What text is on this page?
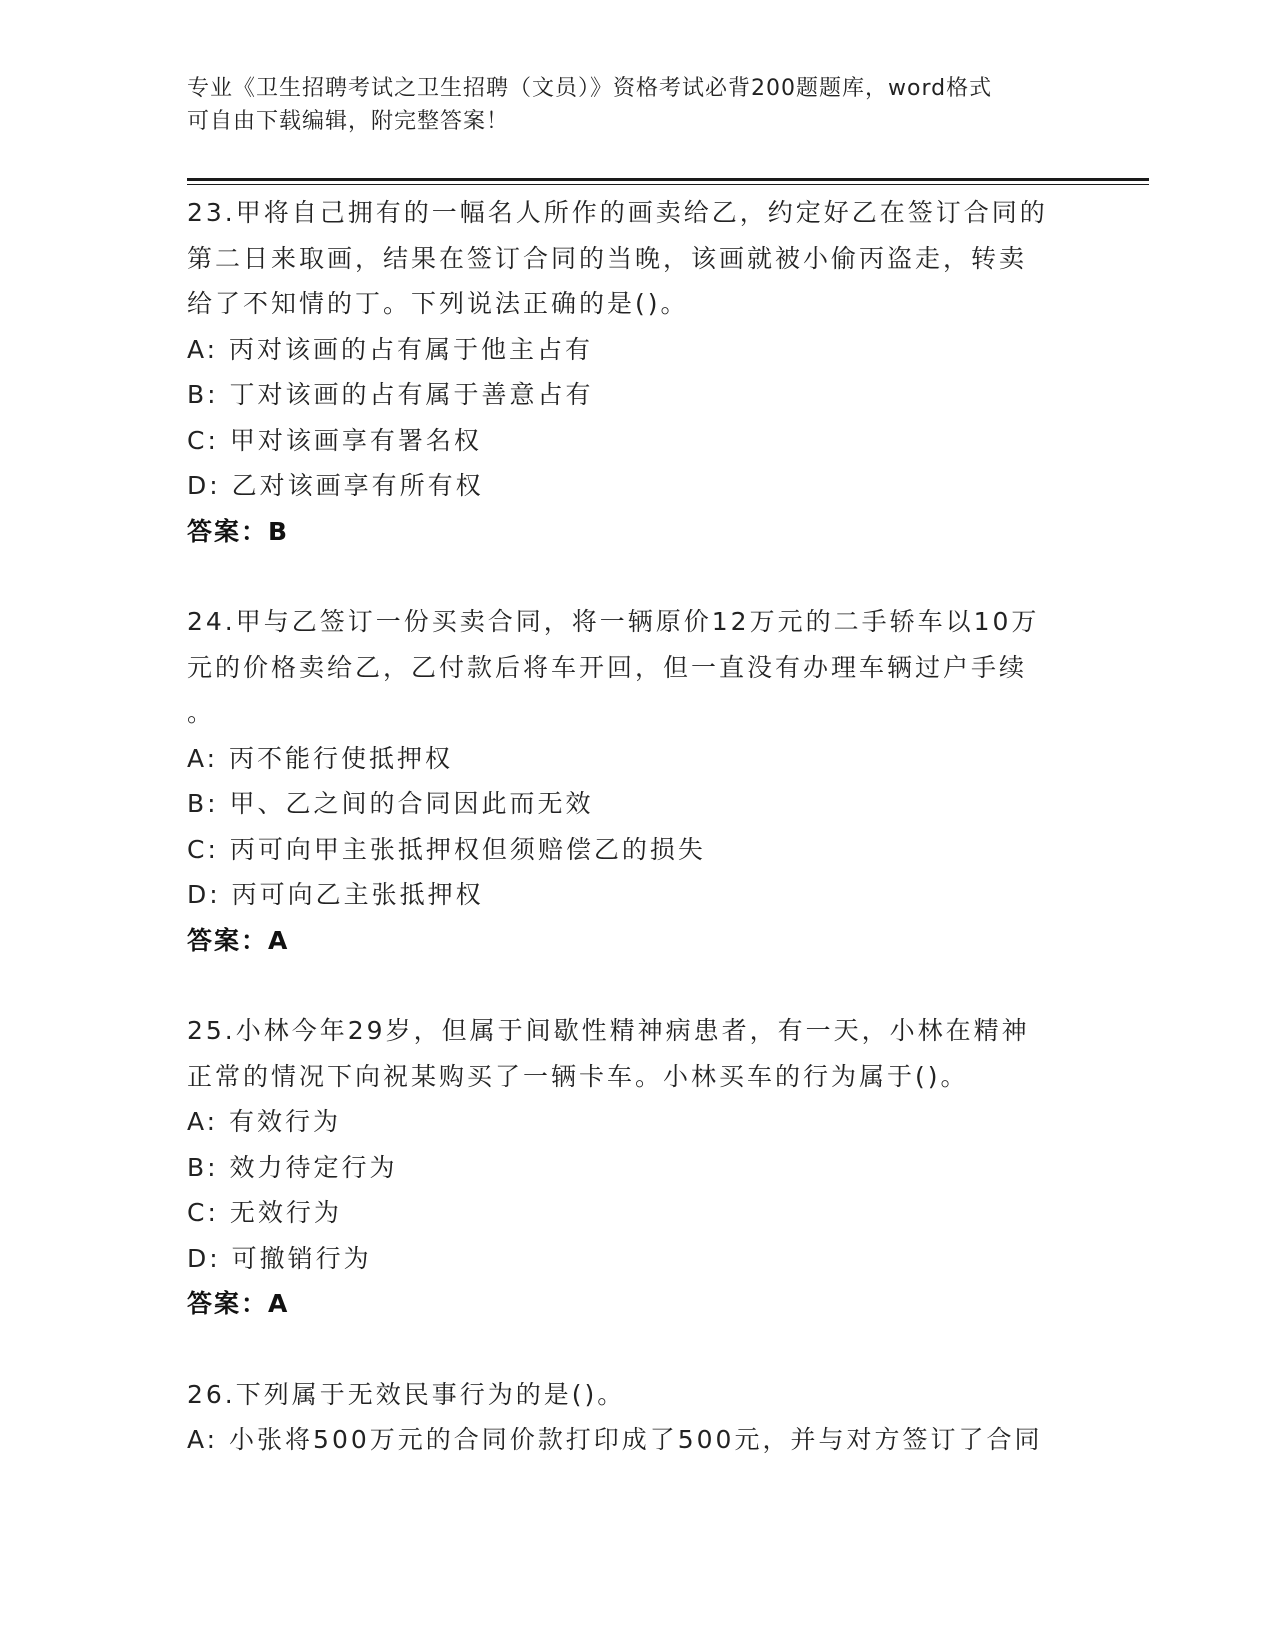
专业《卫生招聘考试之卫生招聘（文员）》资格考试必背200题题库，word格式
可自由下载编辑，附完整答案！
23.甲将自己拥有的一幅名人所作的画卖给乙，约定好乙在签订合同的
第二日来取画，结果在签订合同的当晚，该画就被小偷丙盗走，转卖
给了不知情的丁。下列说法正确的是()。
A: 丙对该画的占有属于他主占有
B: 丁对该画的占有属于善意占有
C: 甲对该画享有署名权
D: 乙对该画享有所有权
答案：B
24.甲与乙签订一份买卖合同，将一辆原价12万元的二手轿车以10万
元的价格卖给乙，乙付款后将车开回，但一直没有办理车辆过户手续
。
A: 丙不能行使抵押权
B: 甲、乙之间的合同因此而无效
C: 丙可向甲主张抵押权但须赔偿乙的损失
D: 丙可向乙主张抵押权
答案：A
25.小林今年29岁，但属于间歇性精神病患者，有一天，小林在精神
正常的情况下向祝某购买了一辆卡车。小林买车的行为属于()。
A: 有效行为
B: 效力待定行为
C: 无效行为
D: 可撤销行为
答案：A
26.下列属于无效民事行为的是()。
A: 小张将500万元的合同价款打印成了500元，并与对方签订了合同
